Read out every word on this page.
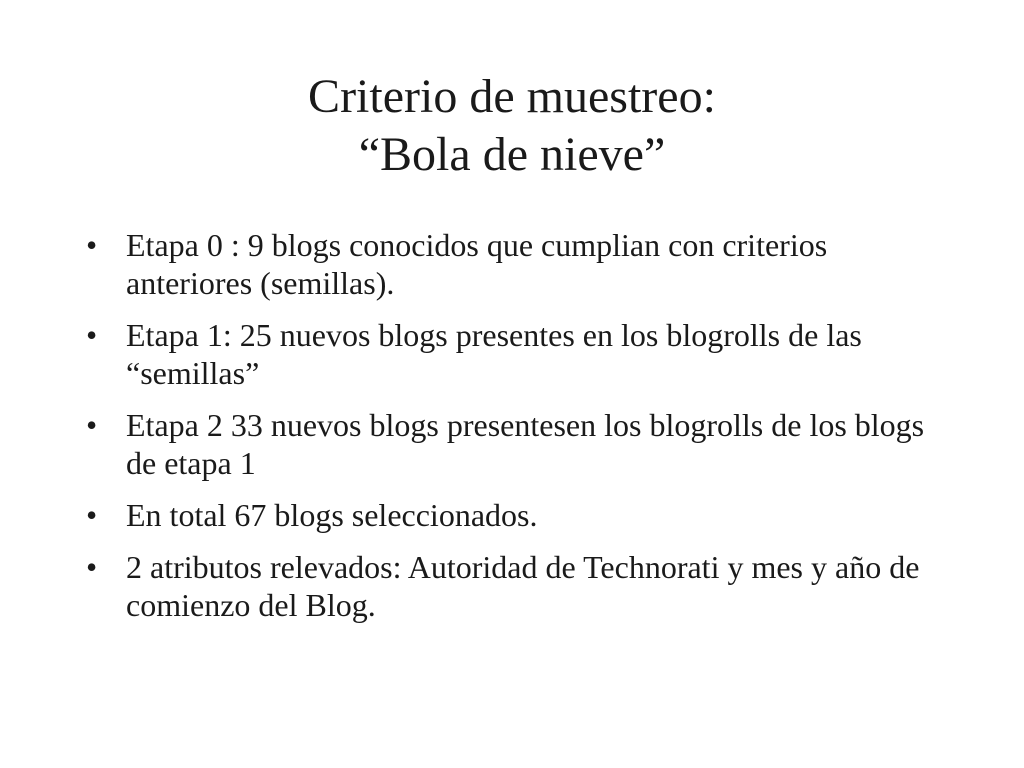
Criterio de muestreo:
“Bola de nieve”
• Etapa 0 : 9 blogs conocidos que cumplian con criterios anteriores (semillas).
• Etapa 1: 25 nuevos blogs presentes en los blogrolls de las “semillas”
• Etapa 2 33 nuevos blogs presentesen los blogrolls de los blogs de etapa 1
• En total 67 blogs seleccionados.
• 2 atributos relevados: Autoridad de Technorati y mes y año de comienzo del Blog.
